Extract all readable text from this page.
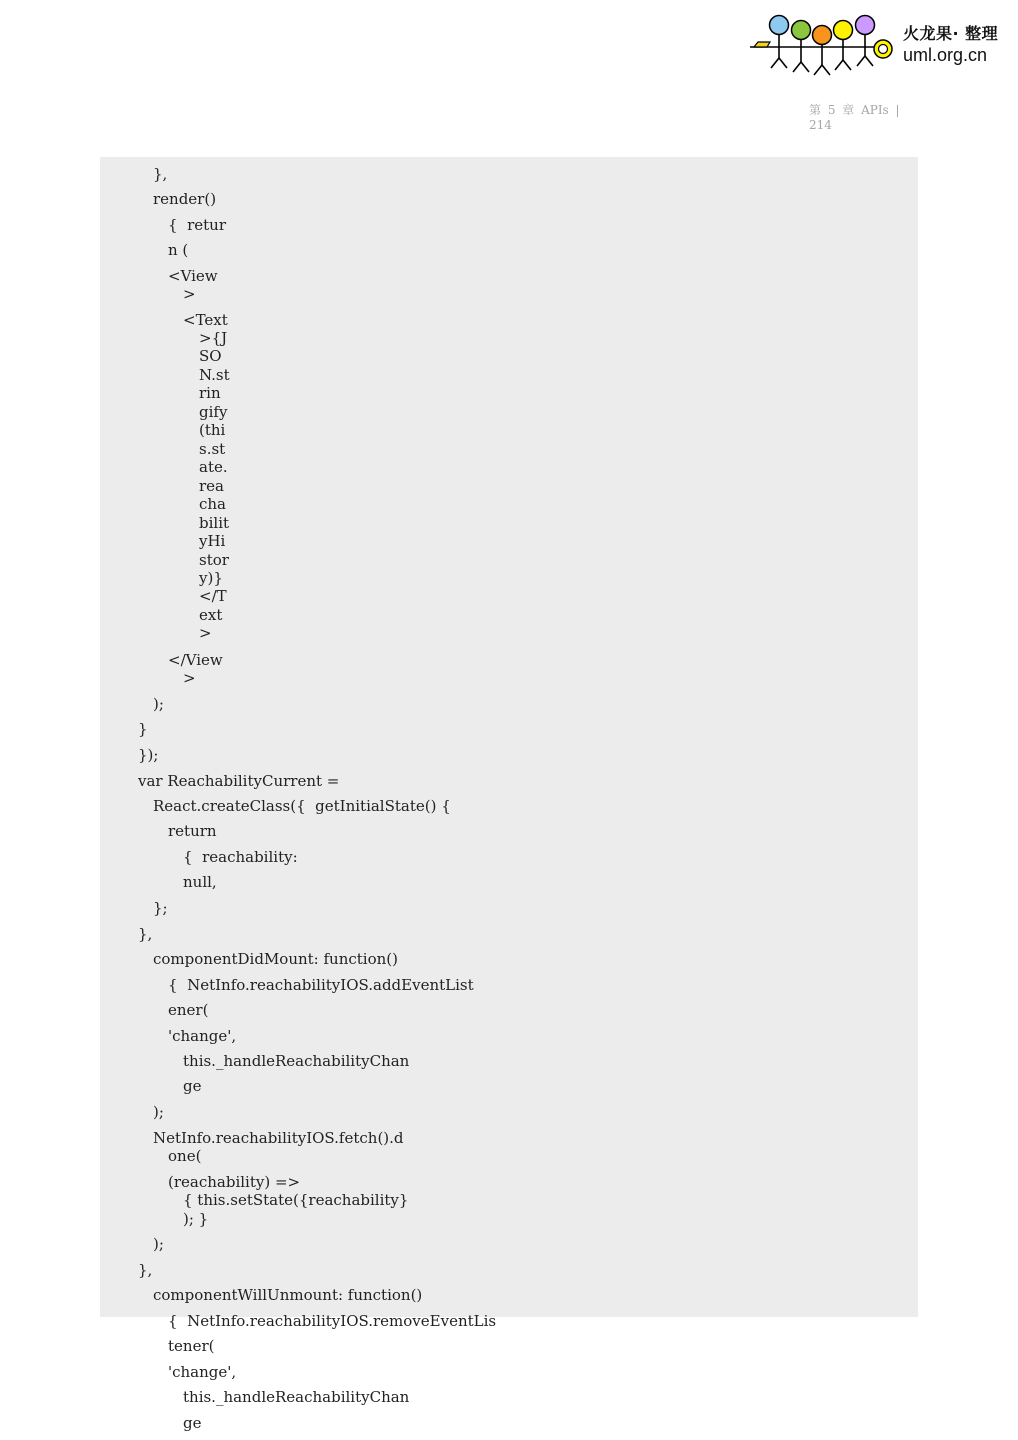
火龙果· 整理
uml.org.cn
第 5 章 APIs |
214
},
render()
{  retur
n (
<View
>
<Text
>{J
SO
N.st
rin
gify
(thi
s.st
ate.
rea
cha
bilit
yHi
stor
y)}
</T
ext
>
</View
>
);
}
});
var ReachabilityCurrent =
React.createClass({  getInitialState() {
return
{  reachability:
null,
};
},
componentDidMount: function()
{  NetInfo.reachabilityIOS.addEventList
ener(
'change',
this._handleReachabilityChan
ge
);
NetInfo.reachabilityIOS.fetch().d
one(
(reachability) =>
{ this.setState({reachability}
); }
);
},
componentWillUnmount: function()
{  NetInfo.reachabilityIOS.removeEventLis
tener(
'change',
this._handleReachabilityChan
ge
